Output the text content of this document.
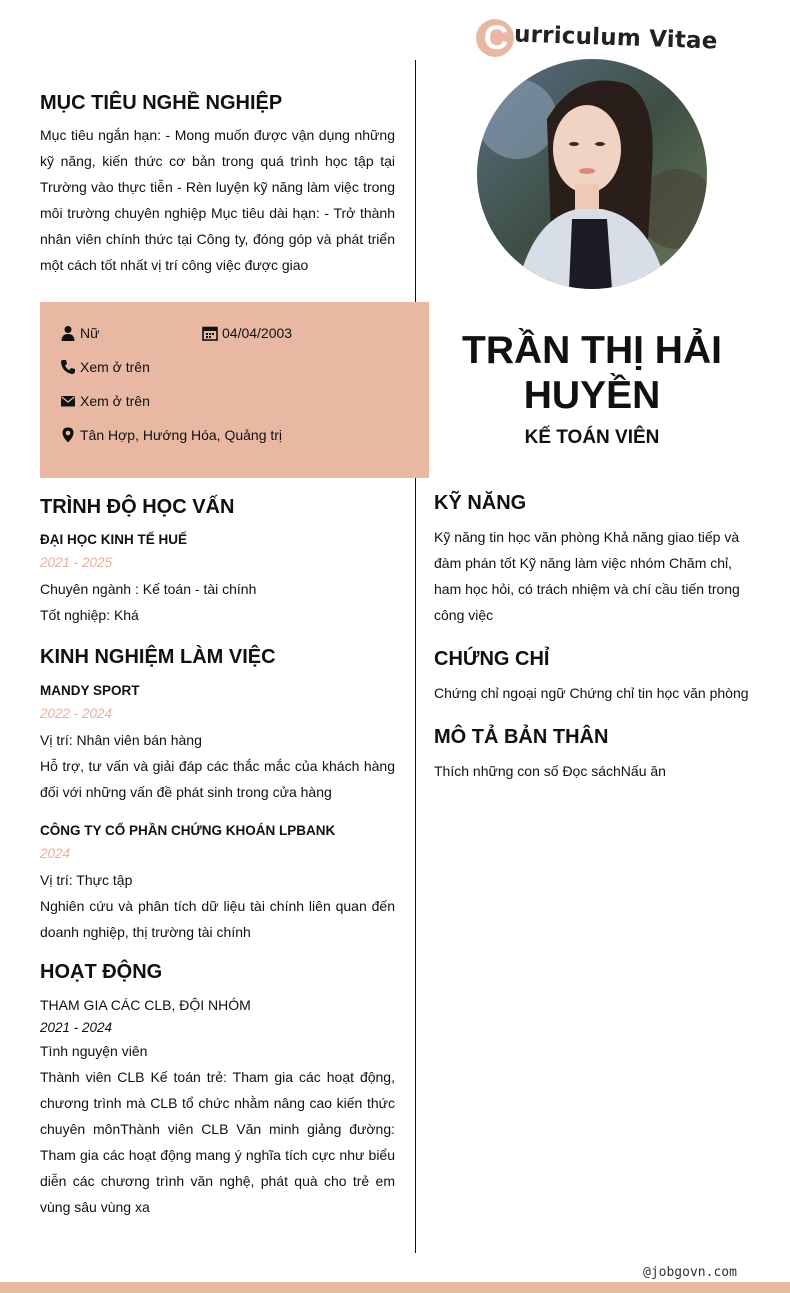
C urriculum Vitae
MỤC TIÊU NGHỀ NGHIỆP

Mục tiêu ngắn hạn: - Mong muốn được vận dụng những kỹ năng, kiến thức cơ bản trong quá trình học tập tại Trường vào thực tiễn - Rèn luyện kỹ năng làm việc trong môi trường chuyên nghiệp Mục tiêu dài hạn: - Trở thành nhân viên chính thức tại Công ty, đóng góp và phát triển một cách tốt nhất vị trí công việc được giao

Nữ	04/04/2003
Xem ở trên
Xem ở trên
Tân Hợp, Hướng Hóa, Quảng trị
TRẦN THỊ HẢI HUYỀN
KẾ TOÁN VIÊN
TRÌNH ĐỘ HỌC VẤN
ĐẠI HỌC KINH TẾ HUẾ
2021 - 2025
Chuyên ngành : Kế toán - tài chính
Tốt nghiệp: Khá
KINH NGHIỆM LÀM VIỆC
MANDY SPORT
2022 - 2024
Vị trí: Nhân viên bán hàng

Hỗ trợ, tư vấn và giải đáp các thắc mắc của khách hàng đối với những vấn đề phát sinh trong cửa hàng

CÔNG TY CỔ PHẦN CHỨNG KHOÁN LPBANK
2024
Vị trí: Thực tập

Nghiên cứu và phân tích dữ liệu tài chính liên quan đến doanh nghiệp, thị trường tài chính

HOẠT ĐỘNG
THAM GIA CÁC CLB, ĐỘI NHÓM
2021 - 2024
Tình nguyện viên

Thành viên CLB Kế toán trẻ: Tham gia các hoạt động, chương trình mà CLB tổ chức nhằm nâng cao kiến thức chuyên mônThành viên CLB Văn minh giảng đường: Tham gia các hoạt động mang ý nghĩa tích cực như biểu diễn các chương trình văn nghệ, phát quà cho trẻ em vùng sâu vùng xa

KỸ NĂNG

Kỹ năng tin học văn phòng Khả năng giao tiếp và đàm phán tốt Kỹ năng làm việc nhóm Chăm chỉ, ham học hỏi, có trách nhiệm và chí cầu tiến trong công việc

CHỨNG CHỈ

Chứng chỉ ngoại ngữ Chứng chỉ tin học văn phòng

MÔ TẢ BẢN THÂN

Thích những con số Đọc sáchNấu ăn

@jobgovn.com
